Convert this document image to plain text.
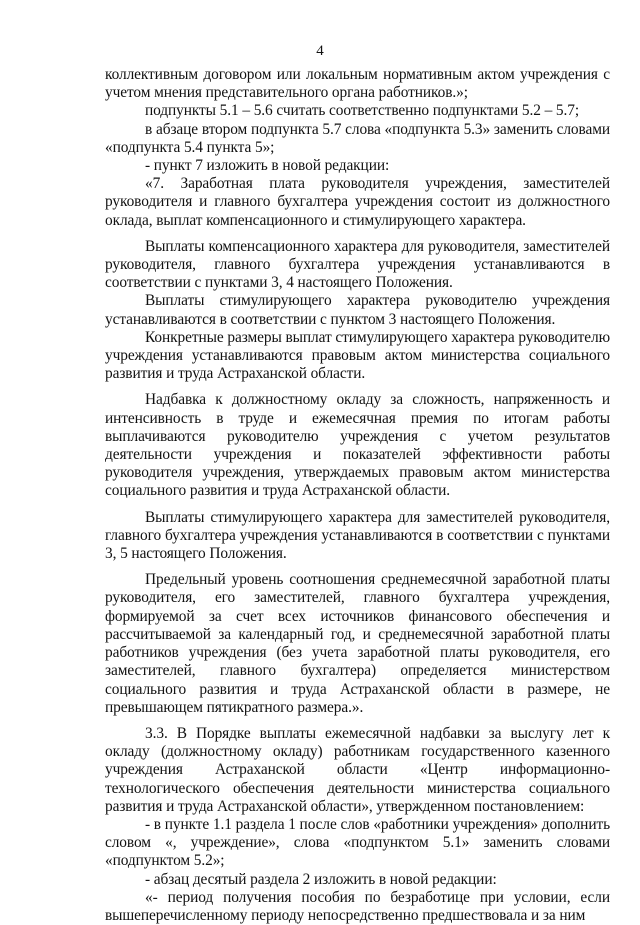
4

коллективным договором или локальным нормативным актом учреждения с учетом мнения представительного органа работников.»;

подпункты 5.1 – 5.6 считать соответственно подпунктами 5.2 – 5.7;

в абзаце втором подпункта 5.7 слова «подпункта 5.3» заменить словами «подпункта 5.4 пункта 5»;

- пункт 7 изложить в новой редакции:

«7. Заработная плата руководителя учреждения, заместителей руководителя и главного бухгалтера учреждения состоит из должностного оклада, выплат компенсационного и стимулирующего характера.

Выплаты компенсационного характера для руководителя, заместителей руководителя, главного бухгалтера учреждения устанавливаются в соответствии с пунктами 3, 4 настоящего Положения.

Выплаты стимулирующего характера руководителю учреждения устанавливаются в соответствии с пунктом 3 настоящего Положения.

Конкретные размеры выплат стимулирующего характера руководителю учреждения устанавливаются правовым актом министерства социального развития и труда Астраханской области.

Надбавка к должностному окладу за сложность, напряженность и интенсивность в труде и ежемесячная премия по итогам работы выплачиваются руководителю учреждения с учетом результатов деятельности учреждения и показателей эффективности работы руководителя учреждения, утверждаемых правовым актом министерства социального развития и труда Астраханской области.

Выплаты стимулирующего характера для заместителей руководителя, главного бухгалтера учреждения устанавливаются в соответствии с пунктами 3, 5 настоящего Положения.

Предельный уровень соотношения среднемесячной заработной платы руководителя, его заместителей, главного бухгалтера учреждения, формируемой за счет всех источников финансового обеспечения и рассчитываемой за календарный год, и среднемесячной заработной платы работников учреждения (без учета заработной платы руководителя, его заместителей, главного бухгалтера) определяется министерством социального развития и труда Астраханской области в размере, не превышающем пятикратного размера.».

3.3. В Порядке выплаты ежемесячной надбавки за выслугу лет к окладу (должностному окладу) работникам государственного казенного учреждения Астраханской области «Центр информационно-технологического обеспечения деятельности министерства социального развития и труда Астраханской области», утвержденном постановлением:

- в пункте 1.1 раздела 1 после слов «работники учреждения» дополнить словом «, учреждение», слова «подпунктом 5.1» заменить словами «подпунктом 5.2»;

- абзац десятый раздела 2 изложить в новой редакции:

«- период получения пособия по безработице при условии, если вышеперечисленному периоду непосредственно предшествовала и за ним
